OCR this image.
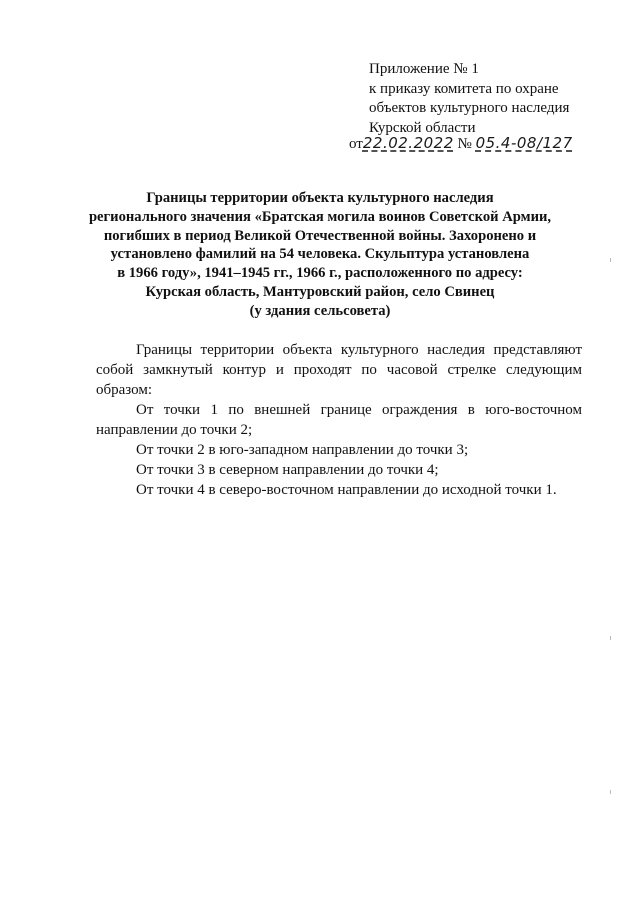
Приложение № 1
к приказу комитета по охране
объектов культурного наследия
Курской области
от22.02.2022 № 05.4-08/127
Границы территории объекта культурного наследия
регионального значения «Братская могила воинов Советской Армии,
погибших в период Великой Отечественной войны. Захоронено и
установлено фамилий на 54 человека. Скульптура установлена
в 1966 году», 1941–1945 гг., 1966 г., расположенного по адресу:
Курская область, Мантуровский район, село Свинец
(у здания сельсовета)
Границы территории объекта культурного наследия представляют
собой замкнутый контур и проходят по часовой стрелке следующим
образом:
От точки 1 по внешней границе ограждения в юго-восточном
направлении до точки 2;
От точки 2 в юго-западном направлении до точки 3;
От точки 3 в северном направлении до точки 4;
От точки 4 в северо-восточном направлении до исходной точки 1.
